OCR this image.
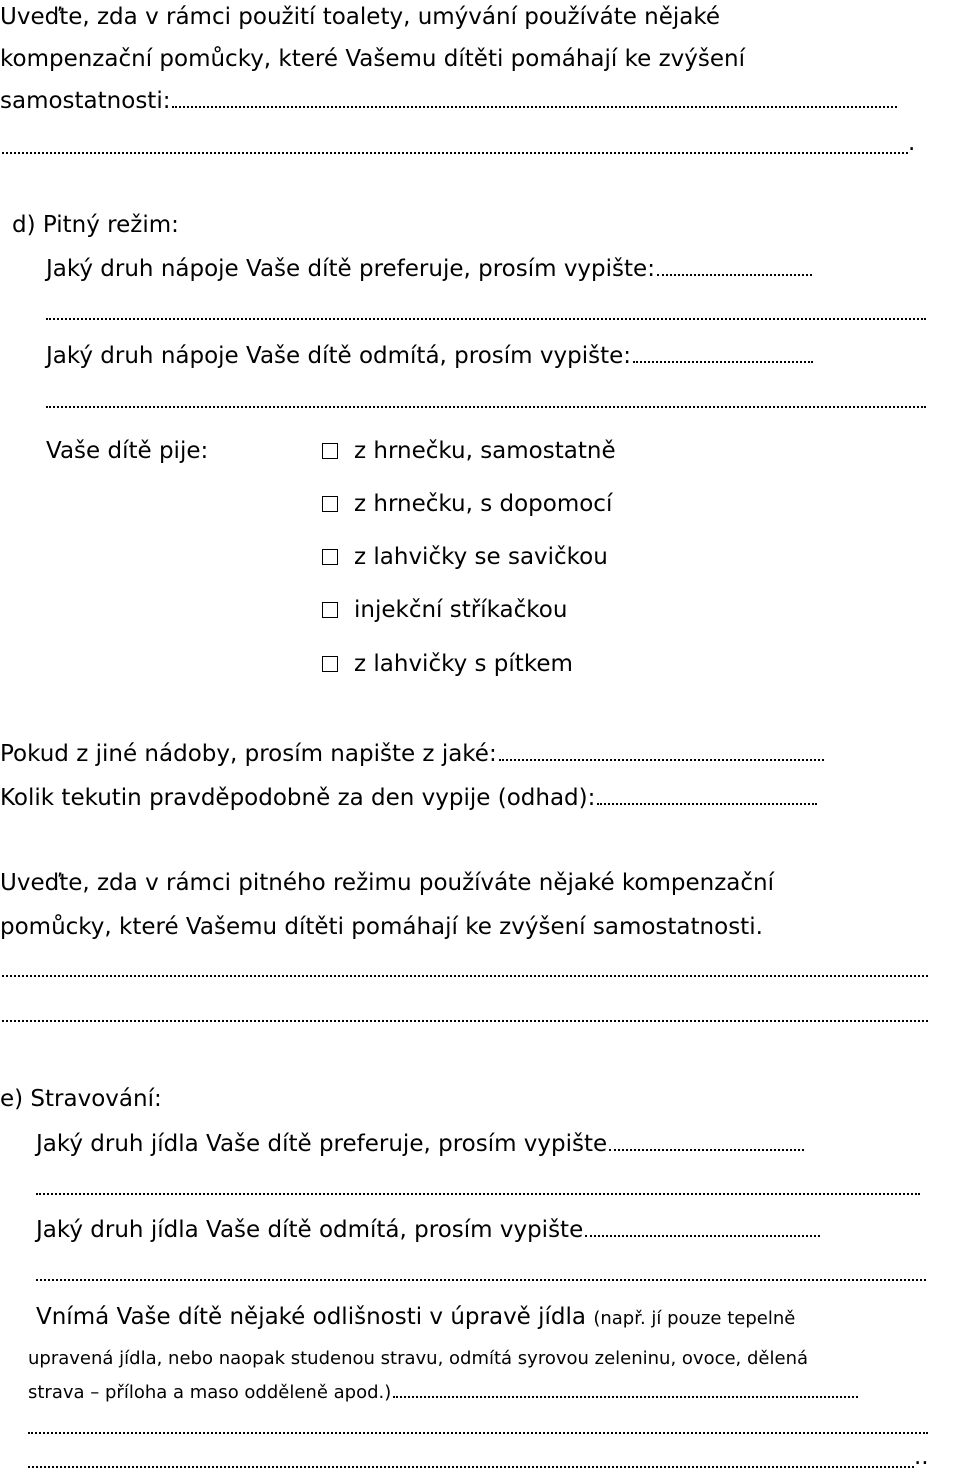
Uveďte, zda v rámci použití toalety, umývání používáte nějaké
kompenzační pomůcky, které Vašemu dítěti pomáhají ke zvýšení
samostatnosti:
.
d) Pitný režim:
Jaký druh nápoje Vaše dítě preferuje, prosím vypište:
Jaký druh nápoje Vaše dítě odmítá, prosím vypište:
Vaše dítě pije:	z hrnečku, samostatně
z hrnečku, s dopomocí
z lahvičky se savičkou
injekční stříkačkou
z lahvičky s pítkem
Pokud z jiné nádoby, prosím napište z jaké:
Kolik tekutin pravděpodobně za den vypije (odhad):
Uveďte, zda v rámci pitného režimu používáte nějaké kompenzační
pomůcky, které Vašemu dítěti pomáhají ke zvýšení samostatnosti.
e) Stravování:
Jaký druh jídla Vaše dítě preferuje, prosím vypište
Jaký druh jídla Vaše dítě odmítá, prosím vypište
Vnímá Vaše dítě nějaké odlišnosti v úpravě jídla (např. jí pouze tepelně
upravená jídla, nebo naopak studenou stravu, odmítá syrovou zeleninu, ovoce, dělená
strava – příloha a maso odděleně apod.)
..
